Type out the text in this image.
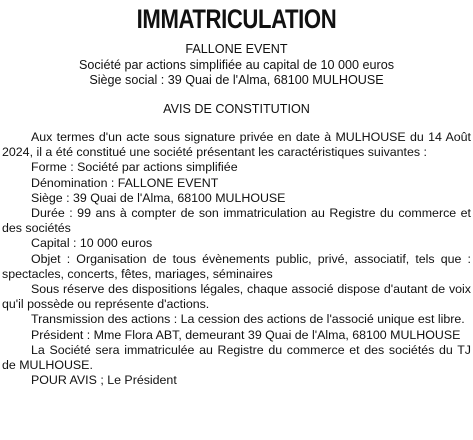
IMMATRICULATION
FALLONE EVENT
Société par actions simplifiée au capital de 10 000 euros
Siège social : 39 Quai de l'Alma, 68100 MULHOUSE
AVIS DE CONSTITUTION

Aux termes d'un acte sous signature privée en date à MULHOUSE du 14 Août 2024, il a été constitué une société présentant les caractéristiques suivantes :

Forme : Société par actions simplifiée

Dénomination : FALLONE EVENT

Siège : 39 Quai de l'Alma, 68100 MULHOUSE

Durée : 99 ans à compter de son immatriculation au Registre du commerce et des sociétés

Capital : 10 000 euros

Objet : Organisation de tous évènements public, privé, associatif, tels que : spectacles, concerts, fêtes, mariages, séminaires

Sous réserve des dispositions légales, chaque associé dispose d'autant de voix qu'il possède ou représente d'actions.

Transmission des actions : La cession des actions de l'associé unique est libre.

Président : Mme Flora ABT, demeurant 39 Quai de l'Alma, 68100 MULHOUSE

La Société sera immatriculée au Registre du commerce et des sociétés du TJ de MULHOUSE.

POUR AVIS ; Le Président
